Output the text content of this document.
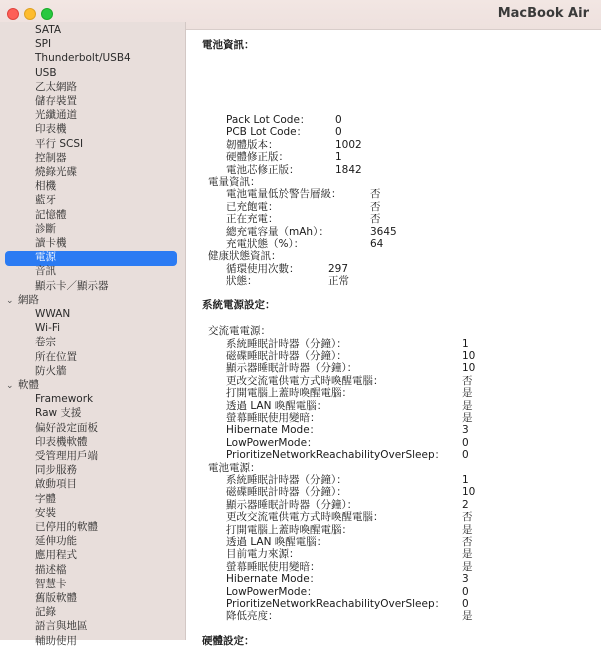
MacBook Air
SATA
SPI
Thunderbolt/USB4
USB
乙太網路
儲存裝置
光纖通道
印表機
平行 SCSI
控制器
燒錄光碟
相機
藍牙
記憶體
診斷
讀卡機
電源
音訊
顯示卡／顯示器
⌄ 網路
WWAN
Wi-Fi
卷宗
所在位置
防火牆
⌄ 軟體
Framework
Raw 支援
偏好設定面板
印表機軟體
受管理用戶端
同步服務
啟動項目
字體
安裝
已停用的軟體
延伸功能
應用程式
描述檔
智慧卡
舊版軟體
記錄
語言與地區
輔助使用
電池資訊：
Pack Lot Code： 0
PCB Lot Code：	0
韌體版本：	1002
硬體修正版：	1
電池芯修正版：	1842
電量資訊：
電池電量低於警告層級：	否
已充飽電：	否
正在充電：	否
總充電容量（mAh）：	3645
充電狀態（%）：	64
健康狀態資訊：
循環使用次數：	297
狀態：	正常
系統電源設定：
交流電電源：
系統睡眠計時器（分鐘）：	1
磁碟睡眠計時器（分鐘）：	10
顯示器睡眠計時器（分鐘）：	10
更改交流電供電方式時喚醒電腦：	否
打開電腦上蓋時喚醒電腦：	是
透過 LAN 喚醒電腦：	是
螢幕睡眠使用變暗：	是
Hibernate Mode：	3
LowPowerMode：	0
PrioritizeNetworkReachabilityOverSleep： 0
電池電源：
系統睡眠計時器（分鐘）：	1
磁碟睡眠計時器（分鐘）：	10
顯示器睡眠計時器（分鐘）：	2
更改交流電供電方式時喚醒電腦：	否
打開電腦上蓋時喚醒電腦：	是
透過 LAN 喚醒電腦：	否
目前電力來源：	是
螢幕睡眠使用變暗：	是
Hibernate Mode：	3
LowPowerMode：	0
PrioritizeNetworkReachabilityOverSleep： 0
降低亮度：	是
硬體設定：
